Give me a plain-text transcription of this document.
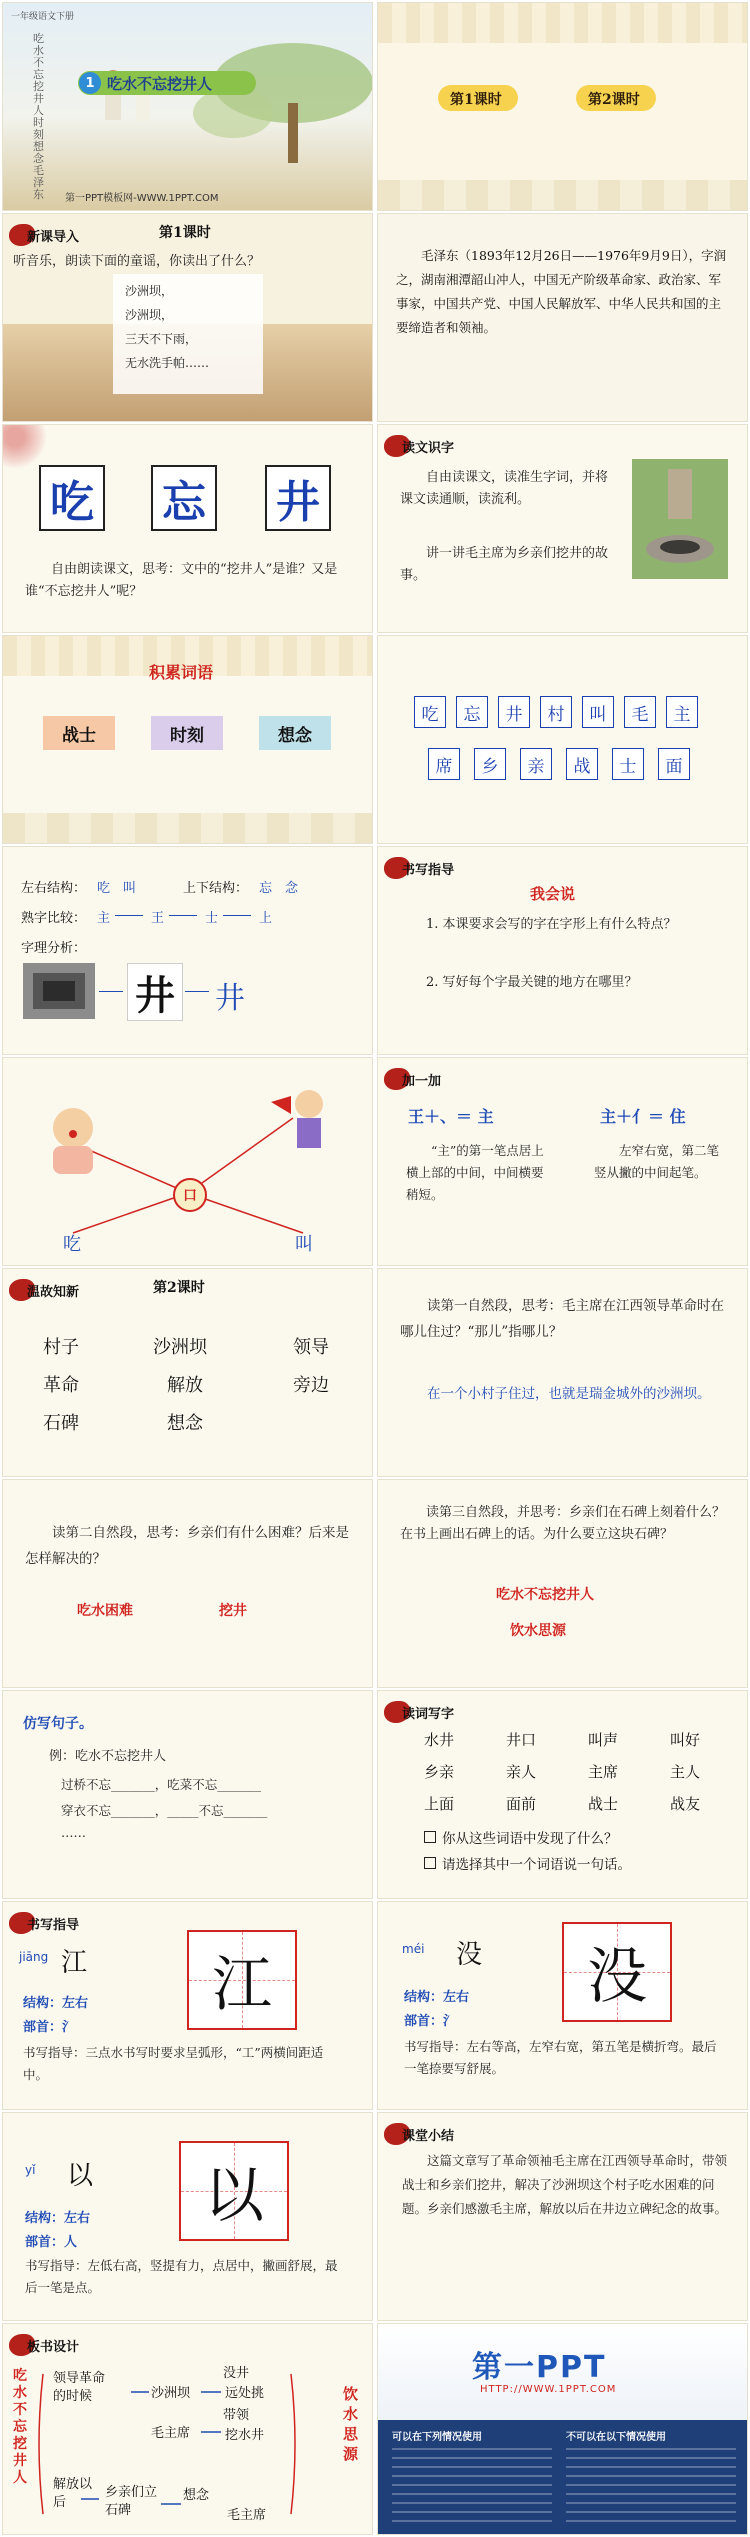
一年级语文下册
吃水不忘挖井人 时刻想念毛泽东
1 吃水不忘挖井人
第一PPT模板网-WWW.1PPT.COM
第1课时	第2课时
新课导入	第1课时
听音乐，朗读下面的童谣，你读出了什么？
沙洲坝，
沙洲坝，
三天不下雨，
无水洗手帕……
毛泽东（1893年12月26日——1976年9月9日），字润之，湖南湘潭韶山冲人，中国无产阶级革命家、政治家、军事家，中国共产党、中国人民解放军、中华人民共和国的主要缔造者和领袖。
吃 忘 井
自由朗读课文，思考：文中的“挖井人”是谁？又是谁“不忘挖井人”呢？
读文识字
自由读课文，读准生字词，并将课文读通顺，读流利。
讲一讲毛主席为乡亲们挖井的故事。
积累词语
战士	时刻	想念
吃	忘	井	村	叫	毛	主
席	乡	亲	战	士	面
左右结构： 吃　叫	上下结构： 忘　念
熟字比较： 主	王	士	上
字理分析：
井 井
书写指导
我会说
1. 本课要求会写的字在字形上有什么特点？
2. 写好每个字最关键的地方在哪里？
口
吃	叫
加一加
王＋、＝ 主	主＋亻＝ 住
“主”的第一笔点居上横上部的中间，中间横要稍短。
左窄右宽，第二笔竖从撇的中间起笔。
温故知新	第2课时
村子	沙洲坝	领导
革命	解放	旁边
石碑	想念
读第一自然段，思考：毛主席在江西领导革命时在哪儿住过？“那儿”指哪儿？
在一个小村子住过，也就是瑞金城外的沙洲坝。
读第二自然段，思考：乡亲们有什么困难？后来是怎样解决的？
吃水困难	挖井
读第三自然段，并思考：乡亲们在石碑上刻着什么？在书上画出石碑上的话。为什么要立这块石碑？
吃水不忘挖井人
饮水思源
仿写句子。
例：吃水不忘挖井人
过桥不忘_______，吃菜不忘_______
穿衣不忘_______，_____不忘_______
……
读词写字
水井	井口	叫声	叫好
乡亲	亲人	主席	主人
上面	面前	战士	战友
你从这些词语中发现了什么？
请选择其中一个词语说一句话。
书写指导
jiāng 江	江
结构：左右
部首：氵
书写指导：三点水书写时要求呈弧形，“工”两横间距适中。
méi 没	没
结构：左右
部首：氵
书写指导：左右等高，左窄右宽，第五笔是横折弯。最后一笔捺要写舒展。
yǐ 以	以
结构：左右
部首：人
书写指导：左低右高，竖提有力，点居中，撇画舒展，最后一笔是点。
课堂小结
这篇文章写了革命领袖毛主席在江西领导革命时，带领战士和乡亲们挖井，解决了沙洲坝这个村子吃水困难的问题。乡亲们感激毛主席，解放以后在井边立碑纪念的故事。
板书设计
吃水不忘挖井人
领导革命的时候	沙洲坝
没井
远处挑
毛主席
带领
挖水井
解放以后
乡亲们立石碑
想念
毛主席
饮水思源
第一PPT
HTTP://WWW.1PPT.COM
可以在下列情况使用	不可以在以下情况使用
